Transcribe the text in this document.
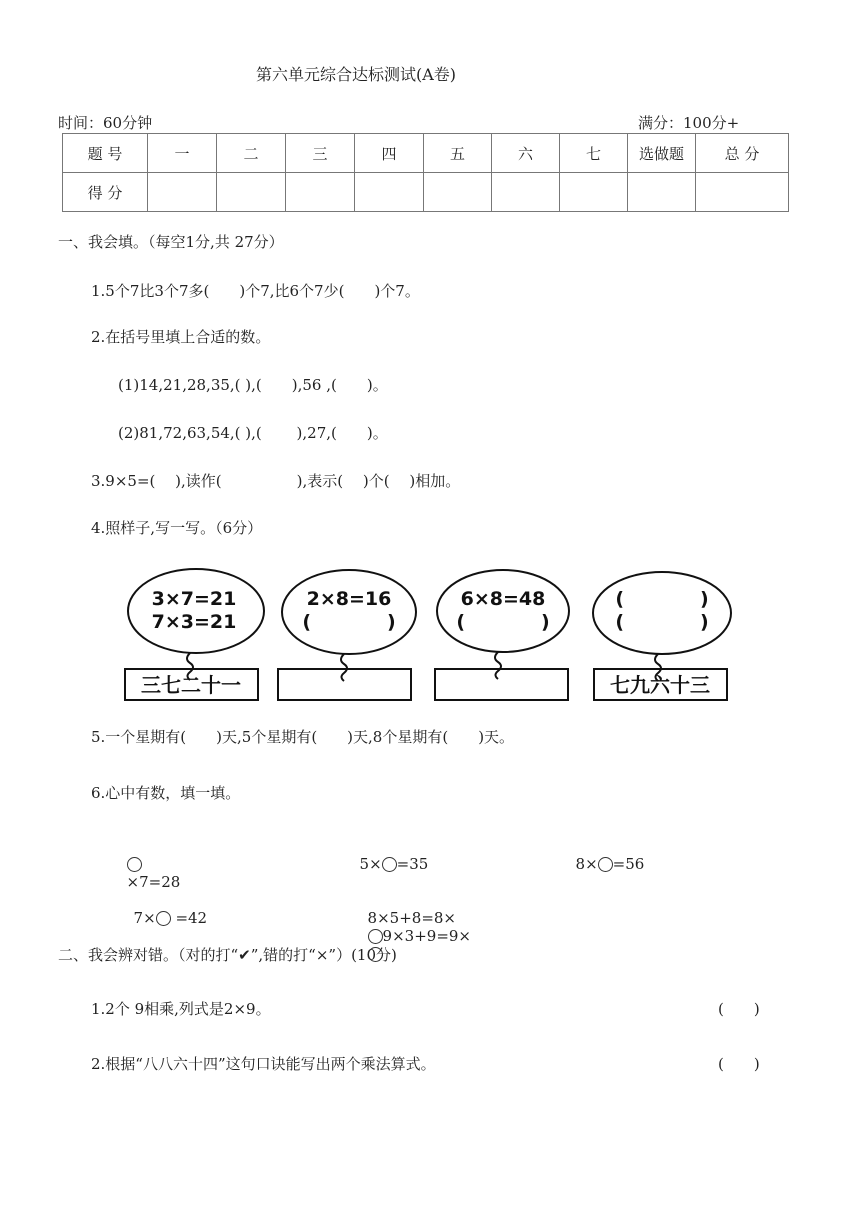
第六单元综合达标测试(A卷)
时间：60分钟	满分：100分+
题 号	一	二	三	四	五	六	七	选做题	总 分
得 分									
一、我会填。（每空1分,共 27分）
1.5个7比3个7多(　　)个7,比6个7少(　　)个7。
2.在括号里填上合适的数。
(1)14,21,28,35,( ),(　　),56 ,(　　)。
(2)81,72,63,54,( ),(　　 ),27,(　　)。
3.9×5=(　 ),读作(　　　　　),表示(　 )个(　 )相加。
4.照样子,写一写。（6分）
3×7=21
7×3=21
2×8=16
(　　　　)
6×8=48
(　　　　)
(　　　　)
(　　　　)
三七二十一	七九六十三
5.一个星期有(　　)天,5个星期有(　　)天,8个星期有(　　)天。
6.心中有数，填一填。

×7=28

5× =35	8× =56

7× =42	8×5+8=8×
9×3+9=9×

二、我会辨对错。（对的打“✔”,错的打“×”）(10分)
1.2个 9相乘,列式是2×9。	(　　)
2.根据“八八六十四”这句口诀能写出两个乘法算式。	(　　)
